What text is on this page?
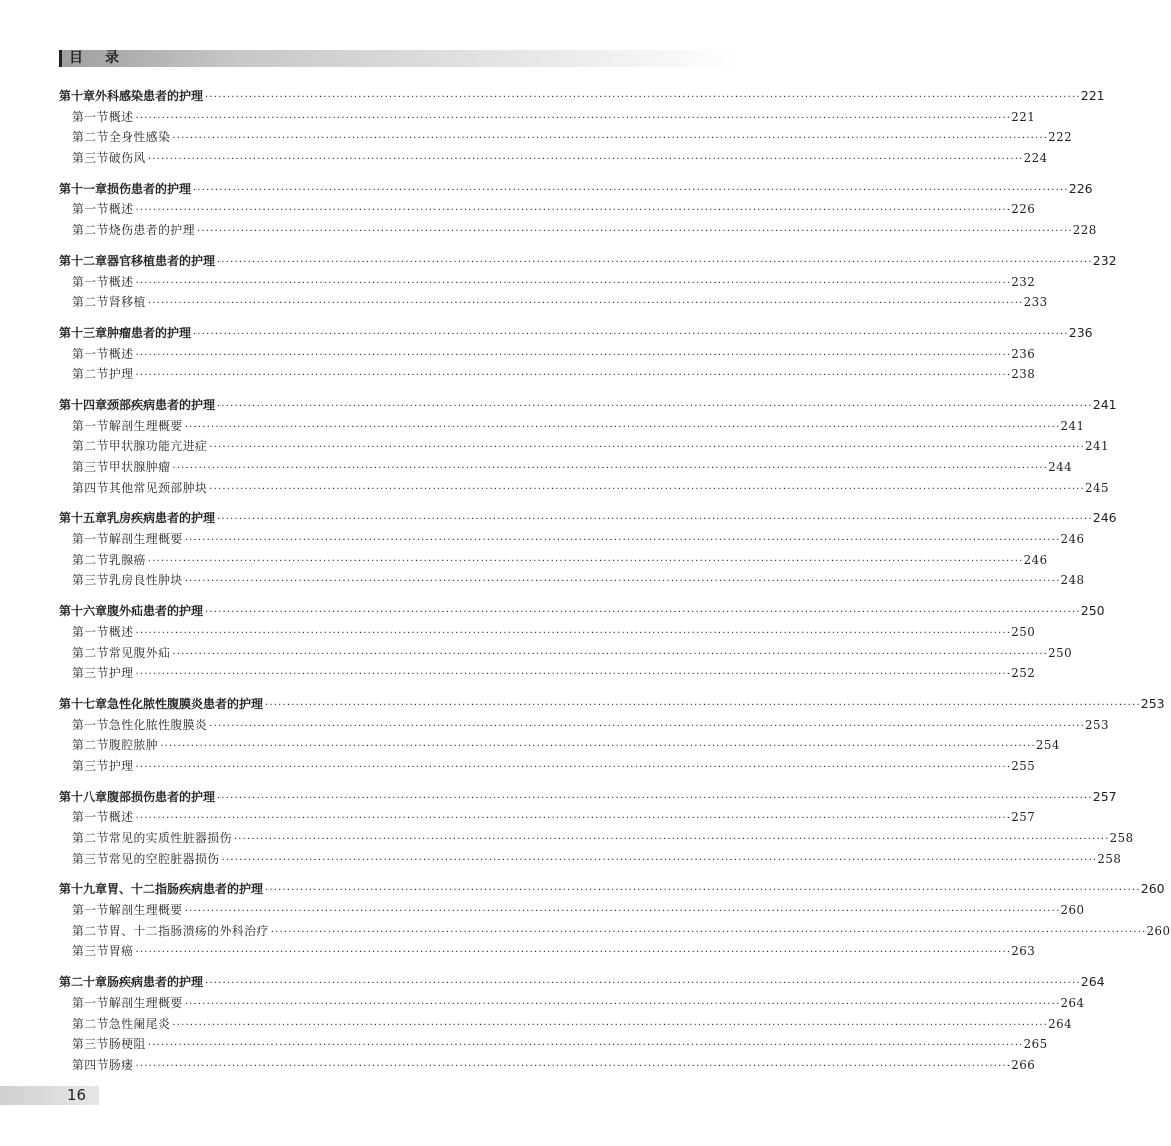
目录
第十章 外科感染患者的护理 ········································································································································································································ 221
第一节 概述 ········································································································································································································ 221
第二节 全身性感染 ········································································································································································································ 222
第三节 破伤风 ········································································································································································································ 224
第十一章 损伤患者的护理 ········································································································································································································ 226
第一节 概述 ········································································································································································································ 226
第二节 烧伤患者的护理 ········································································································································································································ 228
第十二章 器官移植患者的护理 ········································································································································································································ 232
第一节 概述 ········································································································································································································ 232
第二节 肾移植 ········································································································································································································ 233
第十三章 肿瘤患者的护理 ········································································································································································································ 236
第一节 概述 ········································································································································································································ 236
第二节 护理 ········································································································································································································ 238
第十四章 颈部疾病患者的护理 ········································································································································································································ 241
第一节 解剖生理概要 ········································································································································································································ 241
第二节 甲状腺功能亢进症 ········································································································································································································ 241
第三节 甲状腺肿瘤 ········································································································································································································ 244
第四节 其他常见颈部肿块 ········································································································································································································ 245
第十五章 乳房疾病患者的护理 ········································································································································································································ 246
第一节 解剖生理概要 ········································································································································································································ 246
第二节 乳腺癌 ········································································································································································································ 246
第三节 乳房良性肿块 ········································································································································································································ 248
第十六章 腹外疝患者的护理 ········································································································································································································ 250
第一节 概述 ········································································································································································································ 250
第二节 常见腹外疝 ········································································································································································································ 250
第三节 护理 ········································································································································································································ 252
第十七章 急性化脓性腹膜炎患者的护理 ········································································································································································································ 253
第一节 急性化脓性腹膜炎 ········································································································································································································ 253
第二节 腹腔脓肿 ········································································································································································································ 254
第三节 护理 ········································································································································································································ 255
第十八章 腹部损伤患者的护理 ········································································································································································································ 257
第一节 概述 ········································································································································································································ 257
第二节 常见的实质性脏器损伤 ········································································································································································································ 258
第三节 常见的空腔脏器损伤 ········································································································································································································ 258
第十九章 胃、十二指肠疾病患者的护理 ········································································································································································································ 260
第一节 解剖生理概要 ········································································································································································································ 260
第二节 胃、十二指肠溃疡的外科治疗 ········································································································································································································ 260
第三节 胃癌 ········································································································································································································ 263
第二十章 肠疾病患者的护理 ········································································································································································································ 264
第一节 解剖生理概要 ········································································································································································································ 264
第二节 急性阑尾炎 ········································································································································································································ 264
第三节 肠梗阻 ········································································································································································································ 265
第四节 肠瘘 ········································································································································································································ 266
16
